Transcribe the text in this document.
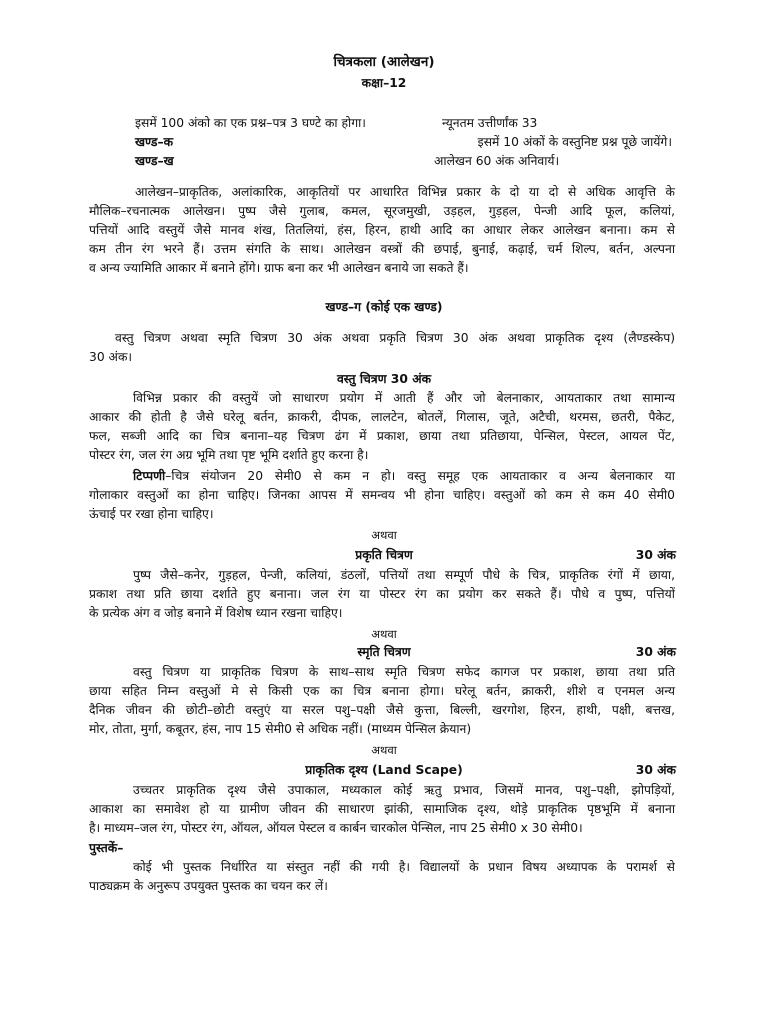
चित्रकला (आलेखन)
कक्षा–12
इसमें 100 अंको का एक प्रश्न–पत्र 3 घण्टे का होगा।	न्यूनतम उत्तीर्णांक 33
खण्ड–क	इसमें 10 अंकों के वस्तुनिष्ट प्रश्न पूछे जायेंगे।
खण्ड–ख	आलेखन 60 अंक अनिवार्य।
आलेखन–प्राकृतिक, अलांकारिक, आकृतियों पर आधारित विभिन्न प्रकार के दो या दो से अधिक आवृत्ति के
मौलिक–रचनात्मक आलेखन। पुष्प जैसे गुलाब, कमल, सूरजमुखी, उड़हल, गुड़हल, पेन्जी आदि फूल, कलियां,
पत्तियों आदि वस्तुयें जैसे मानव शंख, तितलियां, हंस, हिरन, हाथी आदि का आधार लेकर आलेखन बनाना। कम से
कम तीन रंग भरने हैं। उत्तम संगति के साथ। आलेखन वस्त्रों की छपाई, बुनाई, कढ़ाई, चर्म शिल्प, बर्तन, अल्पना
व अन्य ज्यामिति आकार में बनाने होंगे। ग्राफ बना कर भी आलेखन बनाये जा सकते हैं।
खण्ड–ग (कोई एक खण्ड)
वस्तु चित्रण अथवा स्मृति चित्रण 30 अंक अथवा प्रकृति चित्रण 30 अंक अथवा प्राकृतिक दृश्य (लैण्डस्केप)
30 अंक।
वस्तु चित्रण 30 अंक
विभिन्न प्रकार की वस्तुयें जो साधारण प्रयोग में आती हैं और जो बेलनाकार, आयताकार तथा सामान्य
आकार की होती है जैसे घरेलू बर्तन, क्राकरी, दीपक, लालटेन, बोतलें, गिलास, जूते, अटैची, थरमस, छतरी, पैकेट,
फल, सब्जी आदि का चित्र बनाना–यह चित्रण ढंग में प्रकाश, छाया तथा प्रतिछाया, पेन्सिल, पेस्टल, आयल पेंट,
पोस्टर रंग, जल रंग अग्र भूमि तथा पृष्ट भूमि दर्शाते हुए करना है।
टिप्पणी –चित्र संयोजन 20 सेमी0 से कम न हो। वस्तु समूह एक आयताकार व अन्य बेलनाकार या
गोलाकार वस्तुओं का होना चाहिए। जिनका आपस में समन्वय भी होना चाहिए। वस्तुओं को कम से कम 40 सेमी0
ऊंचाई पर रखा होना चाहिए।
अथवा
प्रकृति चित्रण	30 अंक
पुष्प जैसे–कनेर, गुड़हल, पेन्जी, कलियां, डंठलों, पत्तियों तथा सम्पूर्ण पौधे के चित्र, प्राकृतिक रंगों में छाया,
प्रकाश तथा प्रति छाया दर्शाते हुए बनाना। जल रंग या पोस्टर रंग का प्रयोग कर सकते हैं। पौधे व पुष्प, पत्तियों
के प्रत्येक अंग व जोड़ बनाने में विशेष ध्यान रखना चाहिए।
अथवा
स्मृति चित्रण	30 अंक
वस्तु चित्रण या प्राकृतिक चित्रण के साथ–साथ स्मृति चित्रण सफेद कागज पर प्रकाश, छाया तथा प्रति
छाया सहित निम्न वस्तुओं मे से किसी एक का चित्र बनाना होगा। घरेलू बर्तन, क्राकरी, शीशे व एनमल अन्य
दैनिक जीवन की छोटी–छोटी वस्तुएं या सरल पशु–पक्षी जैसे कुत्ता, बिल्ली, खरगोश, हिरन, हाथी, पक्षी, बत्तख,
मोर, तोता, मुर्गा, कबूतर, हंस, नाप 15 सेमी0 से अधिक नहीं। (माध्यम पेन्सिल क्रेयान)
अथवा
प्राकृतिक दृश्य (Land Scape)	30 अंक
उच्चतर प्राकृतिक दृश्य जैसे उपाकाल, मध्यकाल कोई ऋतु प्रभाव, जिसमें मानव, पशु–पक्षी, झोपड़ियों,
आकाश का समावेश हो या ग्रामीण जीवन की साधारण झांकी, सामाजिक दृश्य, थोड़े प्राकृतिक पृष्ठभूमि में बनाना
है। माध्यम–जल रंग, पोस्टर रंग, ऑयल, ऑयल पेस्टल व कार्बन चारकोल पेन्सिल, नाप 25 सेमी0 x 30 सेमी0।
पुस्तकें–
कोई भी पुस्तक निर्धारित या संस्तुत नहीं की गयी है। विद्यालयों के प्रधान विषय अध्यापक के परामर्श से
पाठ्यक्रम के अनुरूप उपयुक्त पुस्तक का चयन कर लें।
